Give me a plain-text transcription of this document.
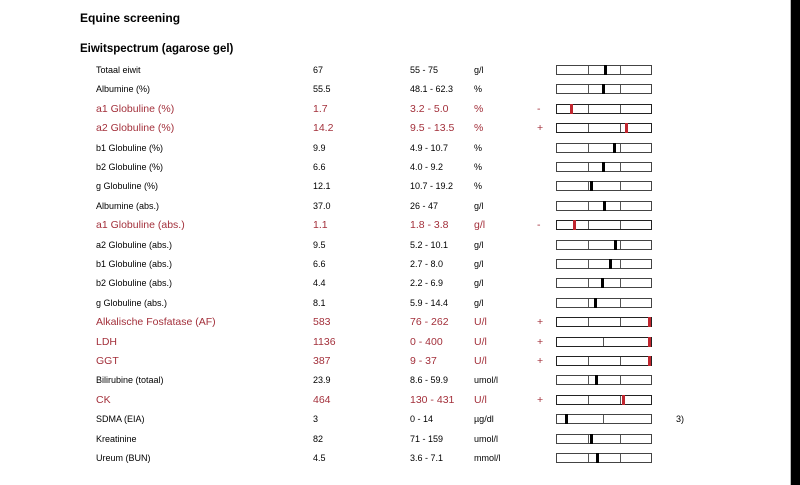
Equine screening
Eiwitspectrum (agarose gel)
Totaal eiwit	67	55 - 75	g/l
Albumine (%)	55.5	48.1 - 62.3 %
a1 Globuline (%)	1.7	3.2 - 5.0 %	-
a2 Globuline (%)	14.2	9.5 - 13.5 %	+
b1 Globuline (%)	9.9	4.9 - 10.7	%
b2 Globuline (%)	6.6	4.0 - 9.2	%
g Globuline (%)	12.1	10.7 - 19.2 %
Albumine (abs.)	37.0	26 - 47	g/l
a1 Globuline (abs.)	1.1	1.8 - 3.8 g/l	-
a2 Globuline (abs.)	9.5	5.2 - 10.1	g/l
b1 Globuline (abs.)	6.6	2.7 - 8.0	g/l
b2 Globuline (abs.)	4.4	2.2 - 6.9	g/l
g Globuline (abs.)	8.1	5.9 - 14.4	g/l
Alkalische Fosfatase (AF)	583	76 - 262 U/l	+
LDH	1136	0 - 400	U/l	+
GGT	387	9 - 37	U/l	+
Bilirubine (totaal)	23.9	8.6 - 59.9	umol/l
CK	464	130 - 431 U/l	+
SDMA (EIA)	3	0 - 14	µg/dl	3)
Kreatinine	82	71 - 159	umol/l
Ureum (BUN)	4.5	3.6 - 7.1	mmol/l
